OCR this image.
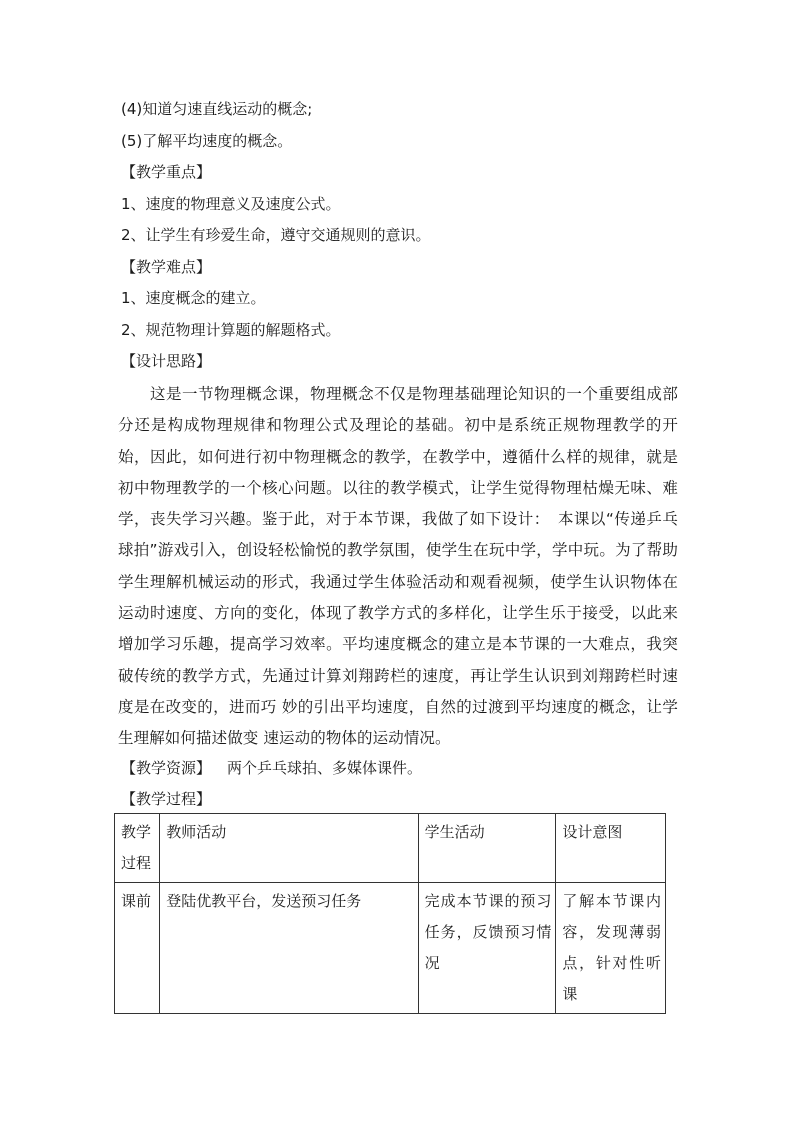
(4)知道匀速直线运动的概念;
(5)了解平均速度的概念。
【教学重点】
1、速度的物理意义及速度公式。
2、让学生有珍爱生命，遵守交通规则的意识。
【教学难点】
1、速度概念的建立。
2、规范物理计算题的解题格式。
【设计思路】
这是一节物理概念课，物理概念不仅是物理基础理论知识的一个重要组成部分还是构成物理规律和物理公式及理论的基础。初中是系统正规物理教学的开始，因此，如何进行初中物理概念的教学，在教学中，遵循什么样的规律，就是初中物理教学的一个核心问题。以往的教学模式，让学生觉得物理枯燥无味、难学，丧失学习兴趣。鉴于此，对于本节课，我做了如下设计：　本课以“传递乒乓球拍”游戏引入，创设轻松愉悦的教学氛围，使学生在玩中学，学中玩。为了帮助学生理解机械运动的形式，我通过学生体验活动和观看视频，使学生认识物体在运动时速度、方向的变化，体现了教学方式的多样化，让学生乐于接受，以此来增加学习乐趣，提高学习效率。平均速度概念的建立是本节课的一大难点，我突破传统的教学方式，先通过计算刘翔跨栏的速度，再让学生认识到刘翔跨栏时速度是在改变的，进而巧 妙的引出平均速度，自然的过渡到平均速度的概念，让学生理解如何描述做变 速运动的物体的运动情况。
【教学资源】 两个乒乓球拍、多媒体课件。
【教学过程】
教学过程	教师活动	学生活动	设计意图
课前	登陆优教平台，发送预习任务	完成本节课的预习任务，反馈预习情况	了解本节课内容，发现薄弱点，针对性听课
